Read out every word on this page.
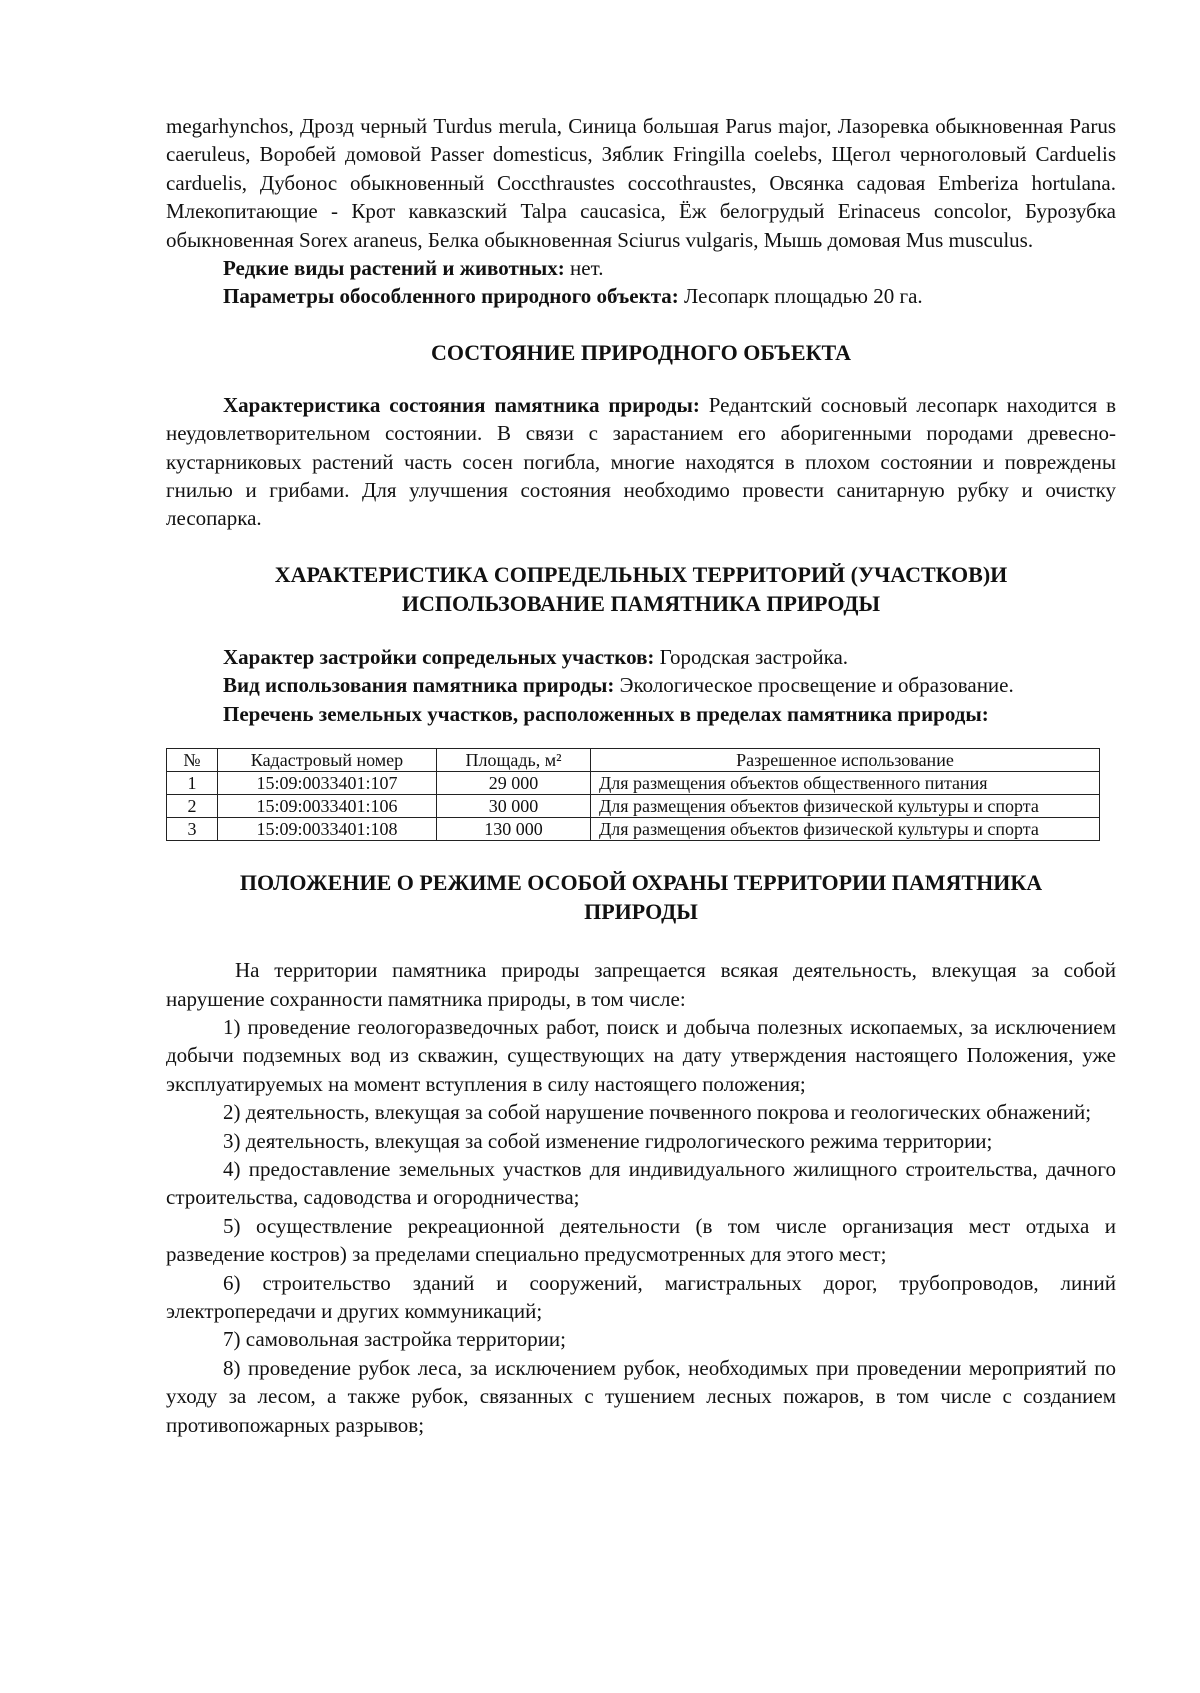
megarhynchos, Дрозд черный Turdus merula, Синица большая Parus major, Лазоревка обыкновенная Parus caeruleus, Воробей домовой Passer domesticus, Зяблик Fringilla coelebs, Щегол черноголовый Carduelis carduelis, Дубонос обыкновенный Coccthraustes coccothraustes, Овсянка садовая Emberiza hortulana. Млекопитающие - Крот кавказский Talpa caucasica, Ёж белогрудый Erinaceus concolor, Бурозубка обыкновенная Sorex araneus, Белка обыкновенная Sciurus vulgaris, Мышь домовая Mus musculus.

Редкие виды растений и животных: нет.

Параметры обособленного природного объекта: Лесопарк площадью 20 га.

СОСТОЯНИЕ ПРИРОДНОГО ОБЪЕКТА

Характеристика состояния памятника природы: Редантский сосновый лесопарк находится в неудовлетворительном состоянии. В связи с зарастанием его аборигенными породами древесно-кустарниковых растений часть сосен погибла, многие находятся в плохом состоянии и повреждены гнилью и грибами. Для улучшения состояния необходимо провести санитарную рубку и очистку лесопарка.

ХАРАКТЕРИСТИКА СОПРЕДЕЛЬНЫХ ТЕРРИТОРИЙ (УЧАСТКОВ)И
ИСПОЛЬЗОВАНИЕ ПАМЯТНИКА ПРИРОДЫ

Характер застройки сопредельных участков: Городская застройка.

Вид использования памятника природы: Экологическое просвещение и образование.

Перечень земельных участков, расположенных в пределах памятника природы:

№	Кадастровый номер	Площадь, м²	Разрешенное использование
1	15:09:0033401:107	29 000	Для размещения объектов общественного питания
2	15:09:0033401:106	30 000	Для размещения объектов физической культуры и спорта
3	15:09:0033401:108	130 000	Для размещения объектов физической культуры и спорта
ПОЛОЖЕНИЕ О РЕЖИМЕ ОСОБОЙ ОХРАНЫ ТЕРРИТОРИИ ПАМЯТНИКА
ПРИРОДЫ

На территории памятника природы запрещается всякая деятельность, влекущая за собой нарушение сохранности памятника природы, в том числе:

1) проведение геологоразведочных работ, поиск и добыча полезных ископаемых, за исключением добычи подземных вод из скважин, существующих на дату утверждения настоящего Положения, уже эксплуатируемых на момент вступления в силу настоящего положения;

2) деятельность, влекущая за собой нарушение почвенного покрова и геологических обнажений;

3) деятельность, влекущая за собой изменение гидрологического режима территории;

4) предоставление земельных участков для индивидуального жилищного строительства, дачного строительства, садоводства и огородничества;

5) осуществление рекреационной деятельности (в том числе организация мест отдыха и разведение костров) за пределами специально предусмотренных для этого мест;

6) строительство зданий и сооружений, магистральных дорог, трубопроводов, линий электропередачи и других коммуникаций;

7) самовольная застройка территории;

8) проведение рубок леса, за исключением рубок, необходимых при проведении мероприятий по уходу за лесом, а также рубок, связанных с тушением лесных пожаров, в том числе с созданием противопожарных разрывов;
